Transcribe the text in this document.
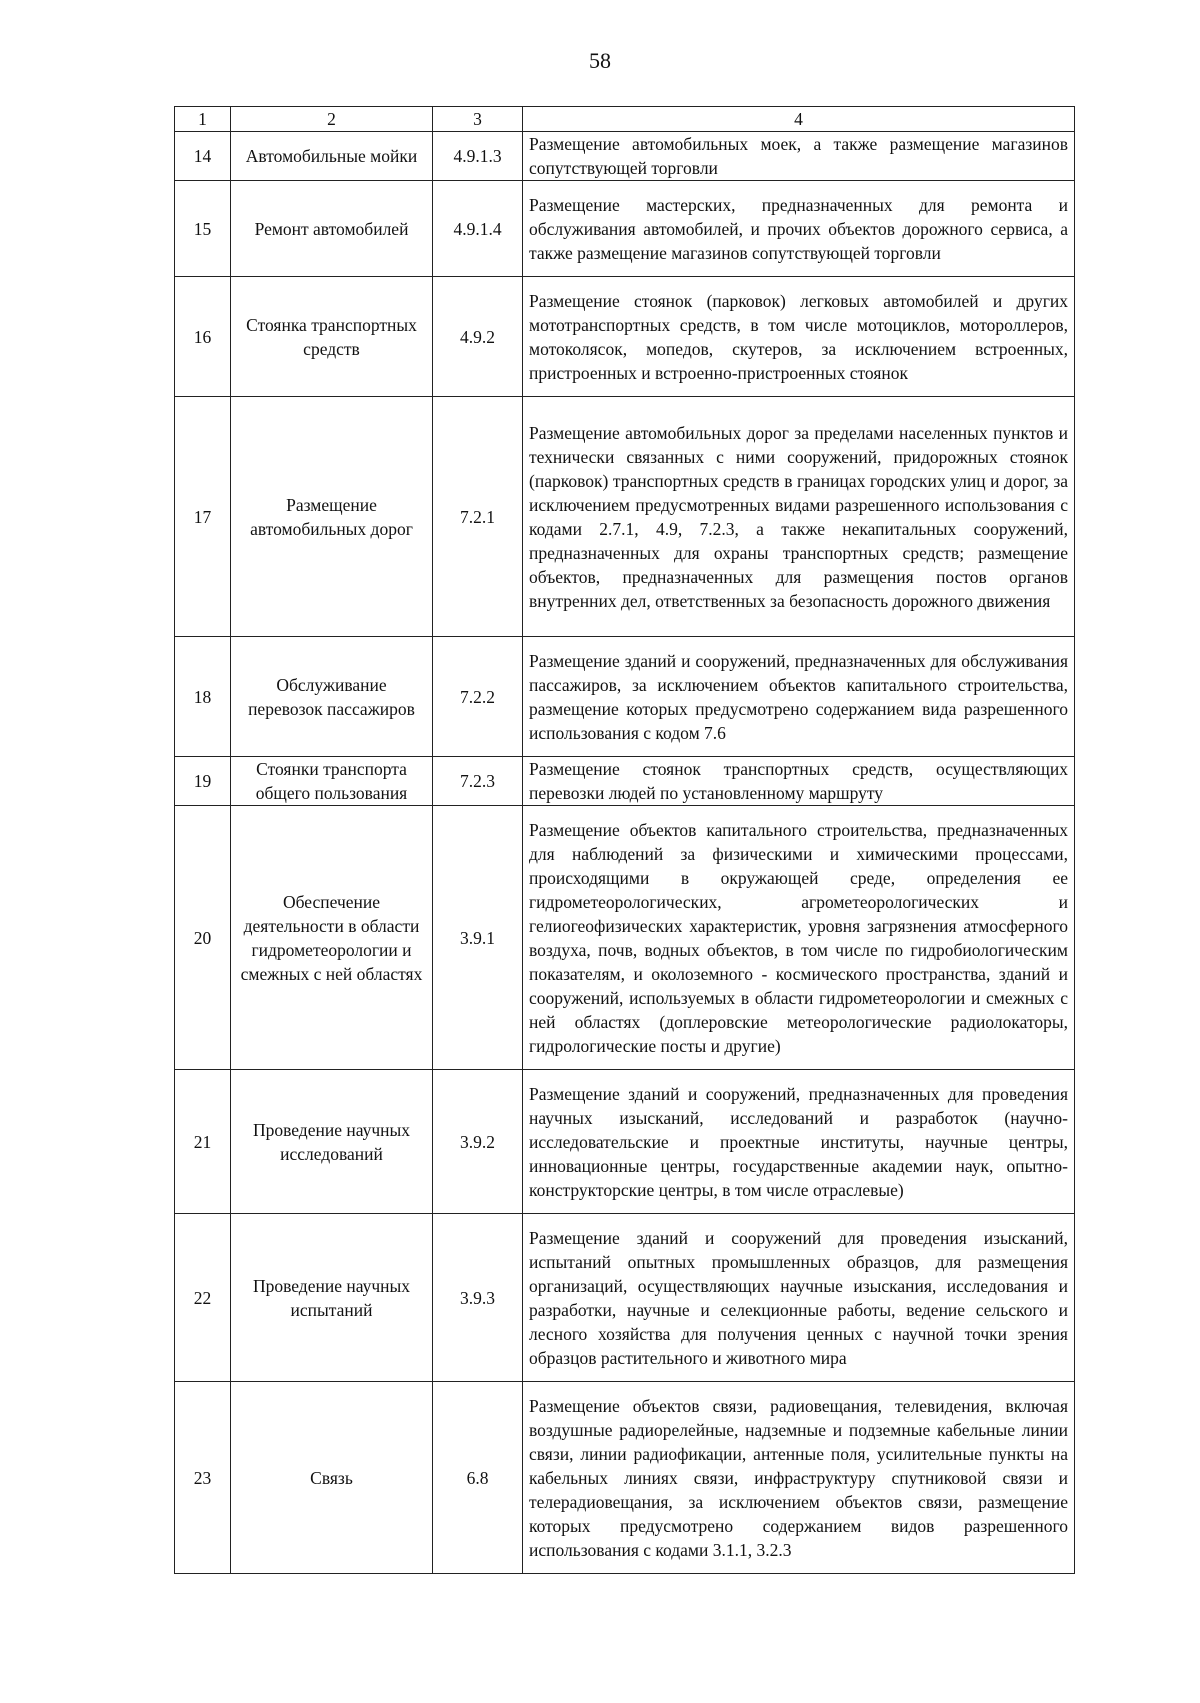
58
1	2	3	4
14	Автомобильные мойки	4.9.1.3	Размещение автомобильных моек, а также размещение магазинов сопутствующей торговли
15	Ремонт автомобилей	4.9.1.4	Размещение мастерских, предназначенных для ремонта и обслуживания автомобилей, и прочих объектов дорожного сервиса, а также размещение магазинов сопутствующей торговли
16	Стоянка транспортных средств	4.9.2	Размещение стоянок (парковок) легковых автомобилей и других мототранспортных средств, в том числе мотоциклов, мотороллеров, мотоколясок, мопедов, скутеров, за исключением встроенных, пристроенных и встроенно-пристроенных стоянок
17	Размещение автомобильных дорог	7.2.1	Размещение автомобильных дорог за пределами населенных пунктов и технически связанных с ними сооружений, придорожных стоянок (парковок) транспортных средств в границах городских улиц и дорог, за исключением предусмотренных видами разрешенного использования с кодами 2.7.1, 4.9, 7.2.3, а также некапитальных сооружений, предназначенных для охраны транспортных средств; размещение объектов, предназначенных для размещения постов органов внутренних дел, ответственных за безопасность дорожного движения
18	Обслуживание перевозок пассажиров	7.2.2	Размещение зданий и сооружений, предназначенных для обслуживания пассажиров, за исключением объектов капитального строительства, размещение которых предусмотрено содержанием вида разрешенного использования с кодом 7.6
19	Стоянки транспорта общего пользования	7.2.3	Размещение стоянок транспортных средств, осуществляющих перевозки людей по установленному маршруту
20	Обеспечение деятельности в области гидрометеорологии и смежных с ней областях	3.9.1	Размещение объектов капитального строительства, предназначенных для наблюдений за физическими и химическими процессами, происходящими в окружающей среде, определения ее гидрометеорологических, агрометеорологических и гелиогеофизических характеристик, уровня загрязнения атмосферного воздуха, почв, водных объектов, в том числе по гидробиологическим показателям, и околоземного - космического пространства, зданий и сооружений, используемых в области гидрометеорологии и смежных с ней областях (доплеровские метеорологические радиолокаторы, гидрологические посты и другие)
21	Проведение научных исследований	3.9.2	Размещение зданий и сооружений, предназначенных для проведения научных изысканий, исследований и разработок (научно-исследовательские и проектные институты, научные центры, инновационные центры, государственные академии наук, опытно-конструкторские центры, в том числе отраслевые)
22	Проведение научных испытаний	3.9.3	Размещение зданий и сооружений для проведения изысканий, испытаний опытных промышленных образцов, для размещения организаций, осуществляющих научные изыскания, исследования и разработки, научные и селекционные работы, ведение сельского и лесного хозяйства для получения ценных с научной точки зрения образцов растительного и животного мира
23	Связь	6.8	Размещение объектов связи, радиовещания, телевидения, включая воздушные радиорелейные, надземные и подземные кабельные линии связи, линии радиофикации, антенные поля, усилительные пункты на кабельных линиях связи, инфраструктуру спутниковой связи и телерадиовещания, за исключением объектов связи, размещение которых предусмотрено содержанием видов разрешенного использования с кодами 3.1.1, 3.2.3
